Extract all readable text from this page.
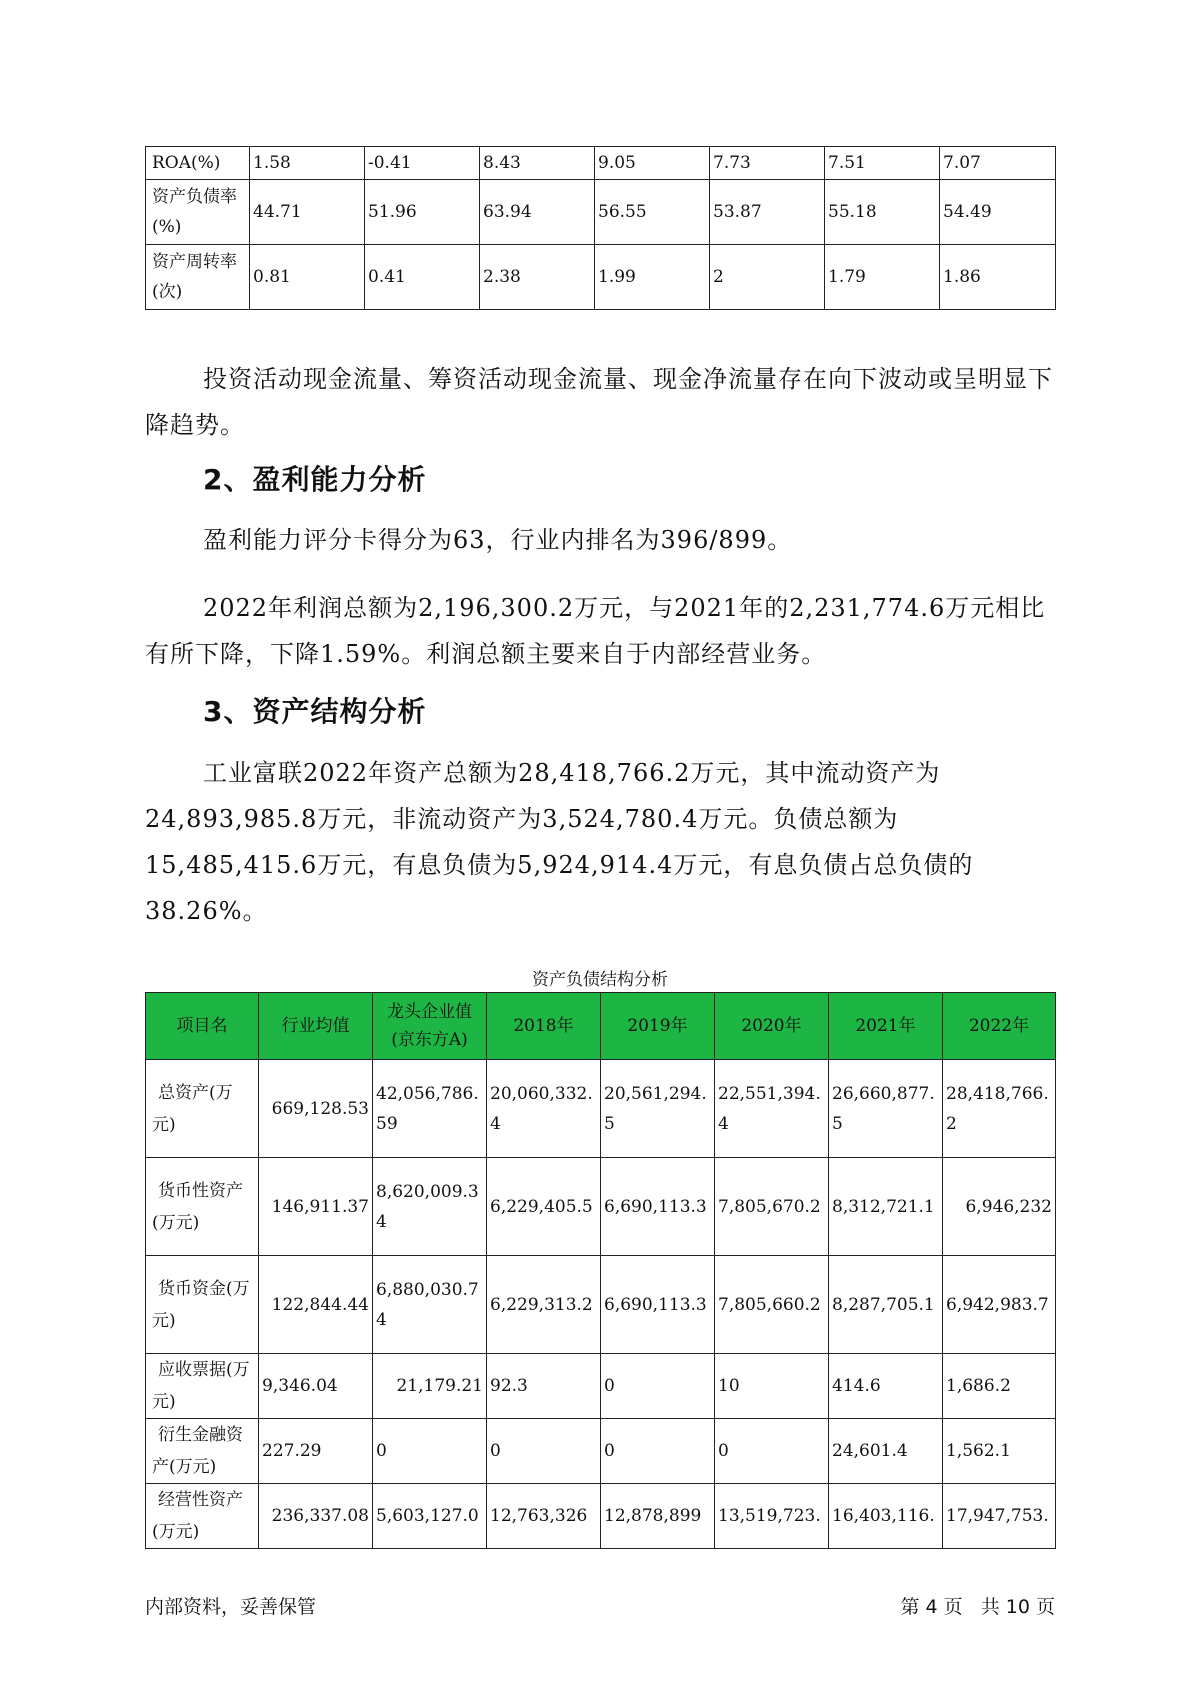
ROA(%)	1.58	-0.41	8.43	9.05	7.73	7.51	7.07
资产负债率(%)	44.71	51.96	63.94	56.55	53.87	55.18	54.49
资产周转率(次)	0.81	0.41	2.38	1.99	2	1.79	1.86

投资活动现金流量、筹资活动现金流量、现金净流量存在向下波动或呈明显下降趋势。

2、盈利能力分析

盈利能力评分卡得分为63，行业内排名为396/899。

2022年利润总额为2,196,300.2万元，与2021年的2,231,774.6万元相比有所下降，下降1.59%。利润总额主要来自于内部经营业务。

3、资产结构分析

工业富联2022年资产总额为28,418,766.2万元，其中流动资产为24,893,985.8万元，非流动资产为3,524,780.4万元。负债总额为15,485,415.6万元，有息负债为5,924,914.4万元，有息负债占总负债的38.26%。

资产负债结构分析
项目名	行业均值	龙头企业值(京东方A)	2018年	2019年	2020年	2021年	2022年
总资产(万元)	669,128.53	42,056,786.59	20,060,332.4	20,561,294.5	22,551,394.4	26,660,877.5	28,418,766.2
货币性资产(万元)	146,911.37	8,620,009.34	6,229,405.5	6,690,113.3	7,805,670.2	8,312,721.1	6,946,232
货币资金(万元)	122,844.44	6,880,030.74	6,229,313.2	6,690,113.3	7,805,660.2	8,287,705.1	6,942,983.7
应收票据(万元)	9,346.04	21,179.21	92.3	0	10	414.6	1,686.2
衍生金融资产(万元)	227.29	0	0	0	0	24,601.4	1,562.1
经营性资产(万元)	236,337.08	5,603,127.0	12,763,326	12,878,899	13,519,723.	16,403,116.	17,947,753.
内部资料，妥善保管	第 4 页   共 10 页
